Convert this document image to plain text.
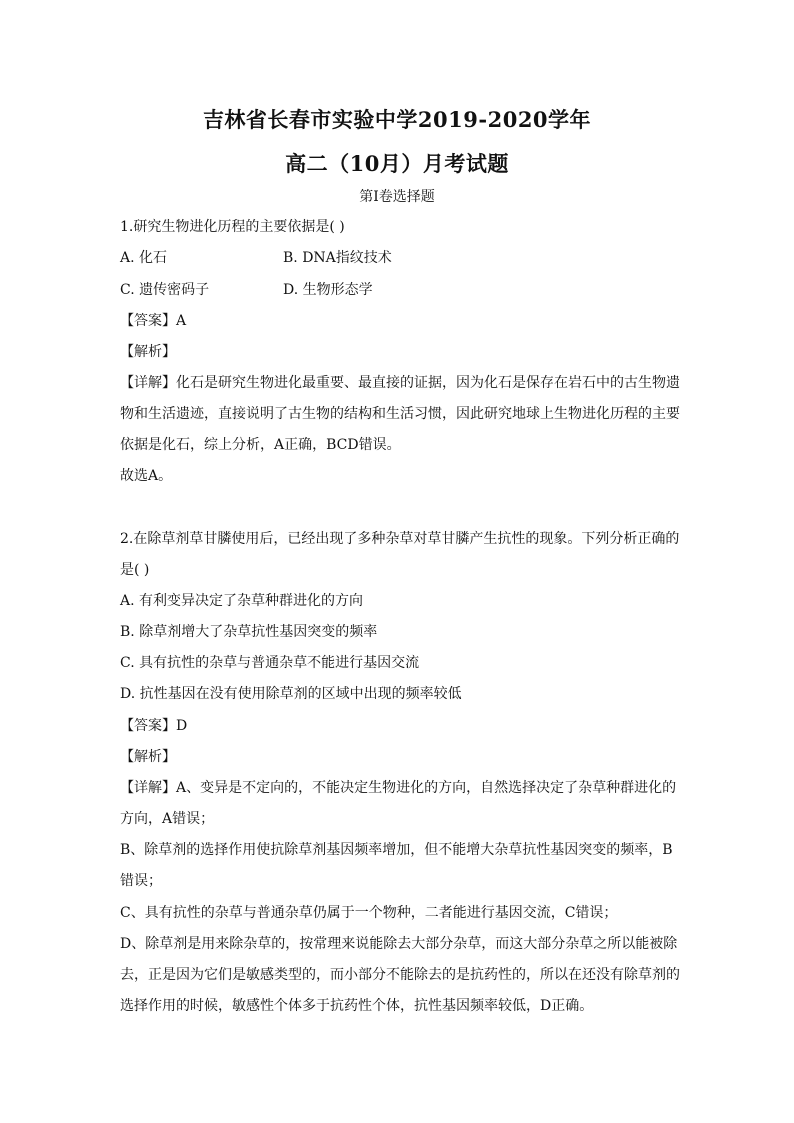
吉林省长春市实验中学2019-2020学年
高二（10月）月考试题
第Ⅰ卷选择题
1.研究生物进化历程的主要依据是( )
A. 化石	B. DNA指纹技术
C. 遗传密码子	D. 生物形态学
【答案】A
【解析】
【详解】化石是研究生物进化最重要、最直接的证据，因为化石是保存在岩石中的古生物遗
物和生活遗迹，直接说明了古生物的结构和生活习惯，因此研究地球上生物进化历程的主要
依据是化石，综上分析，A正确，BCD错误。
故选A。
2.在除草剂草甘膦使用后，已经出现了多种杂草对草甘膦产生抗性的现象。下列分析正确的
是( )
A. 有利变异决定了杂草种群进化的方向
B. 除草剂增大了杂草抗性基因突变的频率
C. 具有抗性的杂草与普通杂草不能进行基因交流
D. 抗性基因在没有使用除草剂的区域中出现的频率较低
【答案】D
【解析】
【详解】A、变异是不定向的，不能决定生物进化的方向，自然选择决定了杂草种群进化的
方向，A错误；
B、除草剂的选择作用使抗除草剂基因频率增加，但不能增大杂草抗性基因突变的频率，B
错误；
C、具有抗性的杂草与普通杂草仍属于一个物种，二者能进行基因交流，C错误；
D、除草剂是用来除杂草的，按常理来说能除去大部分杂草，而这大部分杂草之所以能被除
去，正是因为它们是敏感类型的，而小部分不能除去的是抗药性的，所以在还没有除草剂的
选择作用的时候，敏感性个体多于抗药性个体，抗性基因频率较低，D正确。
